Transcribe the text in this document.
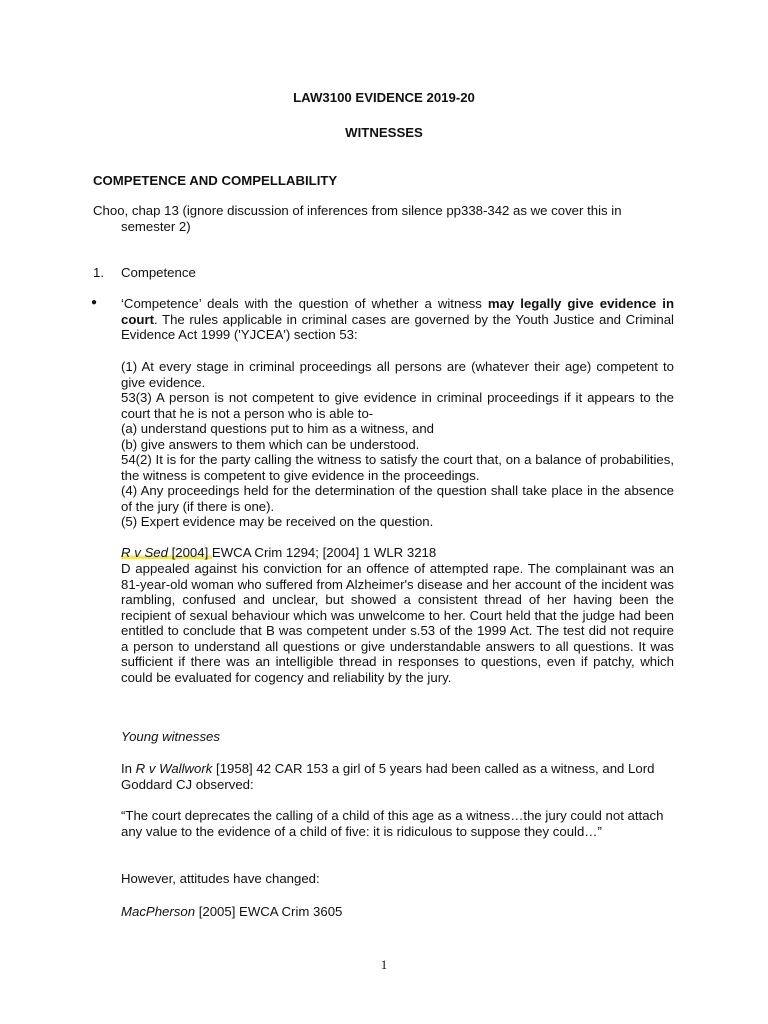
LAW3100 EVIDENCE 2019-20

WITNESSES

COMPETENCE AND COMPELLABILITY

Choo, chap 13 (ignore discussion of inferences from silence pp338-342 as we cover this in

semester 2)

1. Competence

● ‘Competence’ deals with the question of whether a witness may legally give evidence in court. The rules applicable in criminal cases are governed by the Youth Justice and Criminal Evidence Act 1999 ('YJCEA') section 53:

(1) At every stage in criminal proceedings all persons are (whatever their age) competent to give evidence.
53(3) A person is not competent to give evidence in criminal proceedings if it appears to the court that he is not a person who is able to-
(a) understand questions put to him as a witness, and
(b) give answers to them which can be understood.
54(2) It is for the party calling the witness to satisfy the court that, on a balance of probabilities, the witness is competent to give evidence in the proceedings.
(4) Any proceedings held for the determination of the question shall take place in the absence of the jury (if there is one).
(5) Expert evidence may be received on the question.

R v Sed [2004] EWCA Crim 1294; [2004] 1 WLR 3218

D appealed against his conviction for an offence of attempted rape. The complainant was an 81-year-old woman who suffered from Alzheimer's disease and her account of the incident was rambling, confused and unclear, but showed a consistent thread of her having been the recipient of sexual behaviour which was unwelcome to her. Court held that the judge had been entitled to conclude that B was competent under s.53 of the 1999 Act. The test did not require a person to understand all questions or give understandable answers to all questions. It was sufficient if there was an intelligible thread in responses to questions, even if patchy, which could be evaluated for cogency and reliability by the jury.

Young witnesses

In R v Wallwork [1958] 42 CAR 153 a girl of 5 years had been called as a witness, and Lord Goddard CJ observed:

“The court deprecates the calling of a child of this age as a witness…the jury could not attach any value to the evidence of a child of five: it is ridiculous to suppose they could…”

However, attitudes have changed:

MacPherson [2005] EWCA Crim 3605

1
